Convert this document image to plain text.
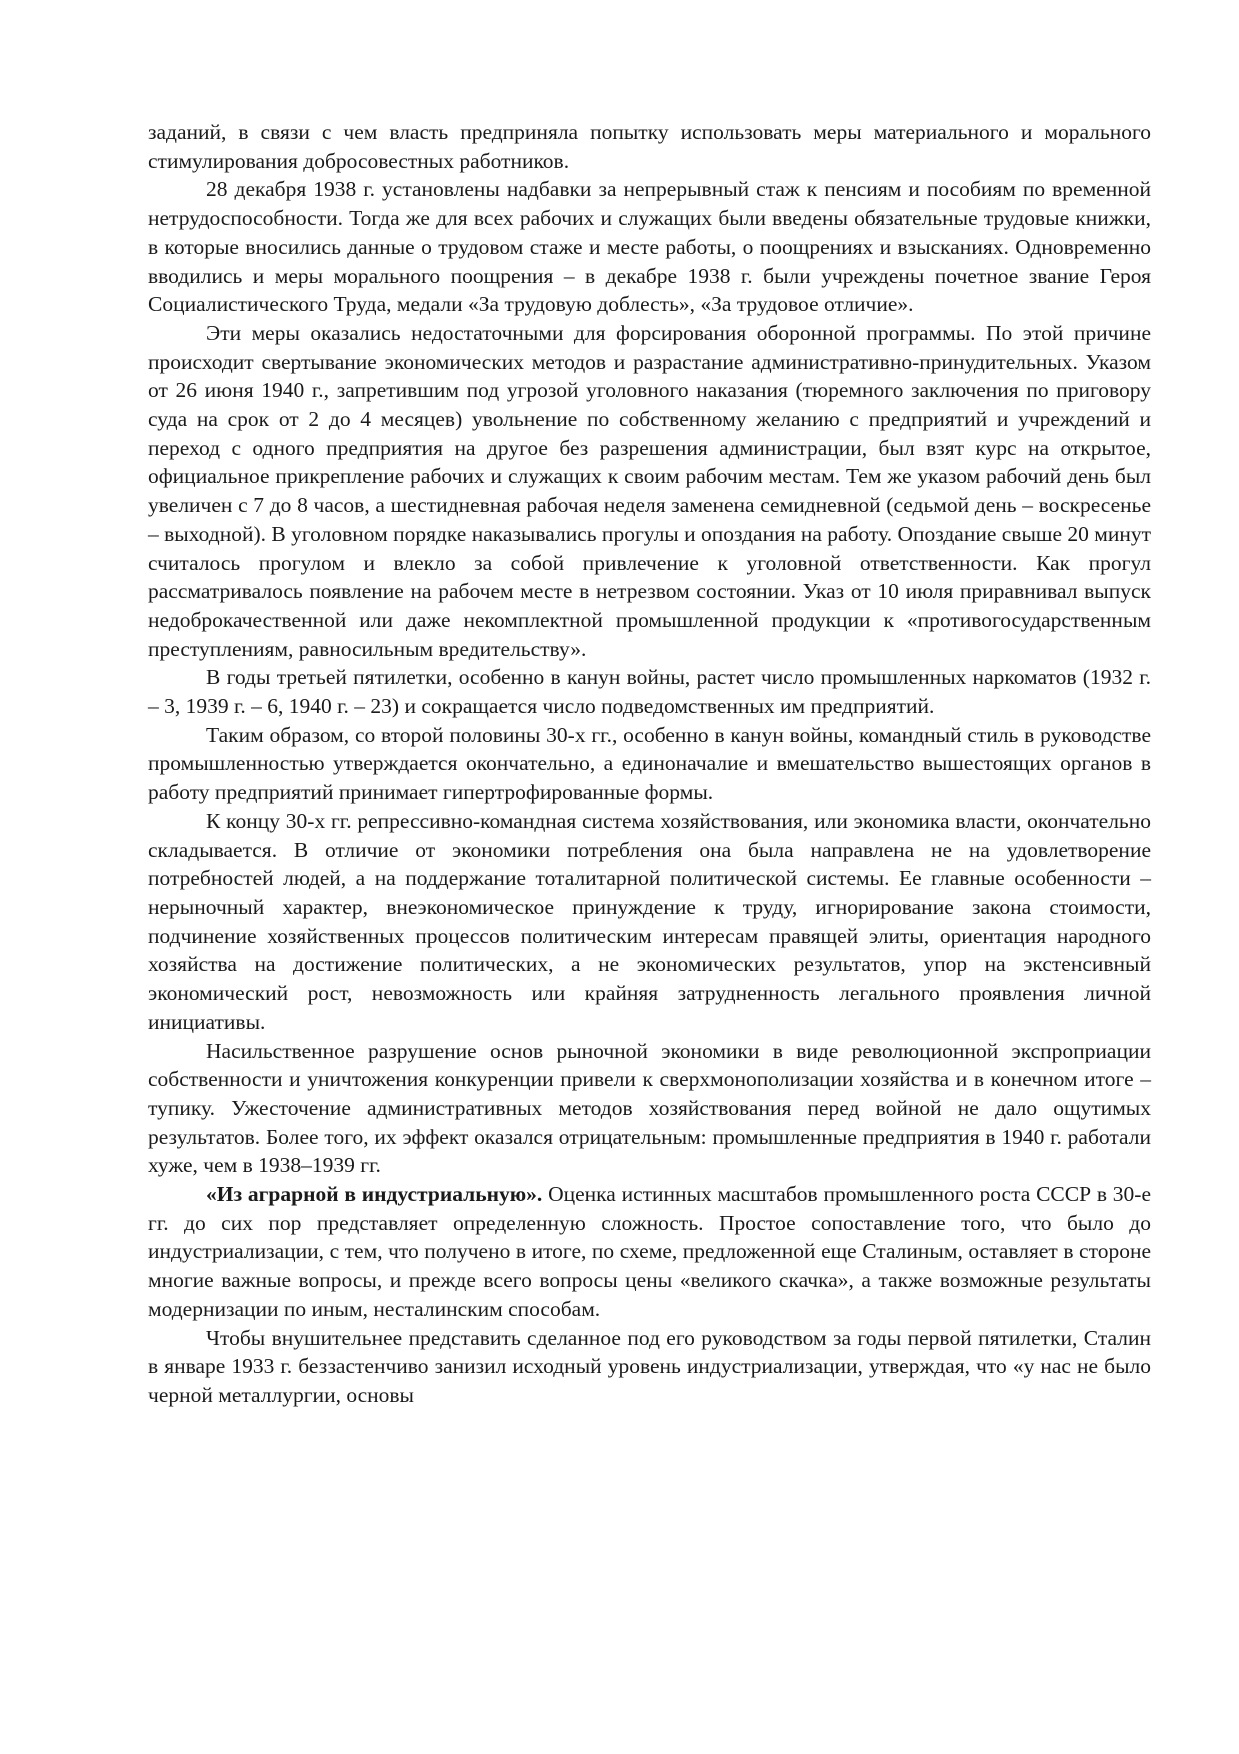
заданий, в связи с чем власть предприняла попытку использовать меры материального и морального стимулирования добросовестных работников.

28 декабря 1938 г. установлены надбавки за непрерывный стаж к пенсиям и пособиям по временной нетрудоспособности. Тогда же для всех рабочих и служащих были введены обязательные трудовые книжки, в которые вносились данные о трудовом стаже и месте работы, о поощрениях и взысканиях. Одновременно вводились и меры морального поощрения – в декабре 1938 г. были учреждены почетное звание Героя Социалистического Труда, медали «За трудовую доблесть», «За трудовое отличие».

Эти меры оказались недостаточными для форсирования оборонной программы. По этой причине происходит свертывание экономических методов и разрастание административно-принудительных. Указом от 26 июня 1940 г., запретившим под угрозой уголовного наказания (тюремного заключения по приговору суда на срок от 2 до 4 месяцев) увольнение по собственному желанию с предприятий и учреждений и переход с одного предприятия на другое без разрешения администрации, был взят курс на открытое, официальное прикрепление рабочих и служащих к своим рабочим местам. Тем же указом рабочий день был увеличен с 7 до 8 часов, а шестидневная рабочая неделя заменена семидневной (седьмой день – воскресенье – выходной). В уголовном порядке наказывались прогулы и опоздания на работу. Опоздание свыше 20 минут считалось прогулом и влекло за собой привлечение к уголовной ответственности. Как прогул рассматривалось появление на рабочем месте в нетрезвом состоянии. Указ от 10 июля приравнивал выпуск недоброкачественной или даже некомплектной промышленной продукции к «противогосударственным преступлениям, равносильным вредительству».

В годы третьей пятилетки, особенно в канун войны, растет число промышленных наркоматов (1932 г. – 3, 1939 г. – 6, 1940 г. – 23) и сокращается число подведомственных им предприятий.

Таким образом, со второй половины 30-х гг., особенно в канун войны, командный стиль в руководстве промышленностью утверждается окончательно, а единоначалие и вмешательство вышестоящих органов в работу предприятий принимает гипертрофированные формы.

К концу 30-х гг. репрессивно-командная система хозяйствования, или экономика власти, окончательно складывается. В отличие от экономики потребления она была направлена не на удовлетворение потребностей людей, а на поддержание тоталитарной политической системы. Ее главные особенности – нерыночный характер, внеэкономическое принуждение к труду, игнорирование закона стоимости, подчинение хозяйственных процессов политическим интересам правящей элиты, ориентация народного хозяйства на достижение политических, а не экономических результатов, упор на экстенсивный экономический рост, невозможность или крайняя затрудненность легального проявления личной инициативы.

Насильственное разрушение основ рыночной экономики в виде революционной экспроприации собственности и уничтожения конкуренции привели к сверхмонополизации хозяйства и в конечном итоге – тупику. Ужесточение административных методов хозяйствования перед войной не дало ощутимых результатов. Более того, их эффект оказался отрицательным: промышленные предприятия в 1940 г. работали хуже, чем в 1938–1939 гг.

«Из аграрной в индустриальную». Оценка истинных масштабов промышленного роста СССР в 30-е гг. до сих пор представляет определенную сложность. Простое сопоставление того, что было до индустриализации, с тем, что получено в итоге, по схеме, предложенной еще Сталиным, оставляет в стороне многие важные вопросы, и прежде всего вопросы цены «великого скачка», а также возможные результаты модернизации по иным, несталинским способам.

Чтобы внушительнее представить сделанное под его руководством за годы первой пятилетки, Сталин в январе 1933 г. беззастенчиво занизил исходный уровень индустриализации, утверждая, что «у нас не было черной металлургии, основы
